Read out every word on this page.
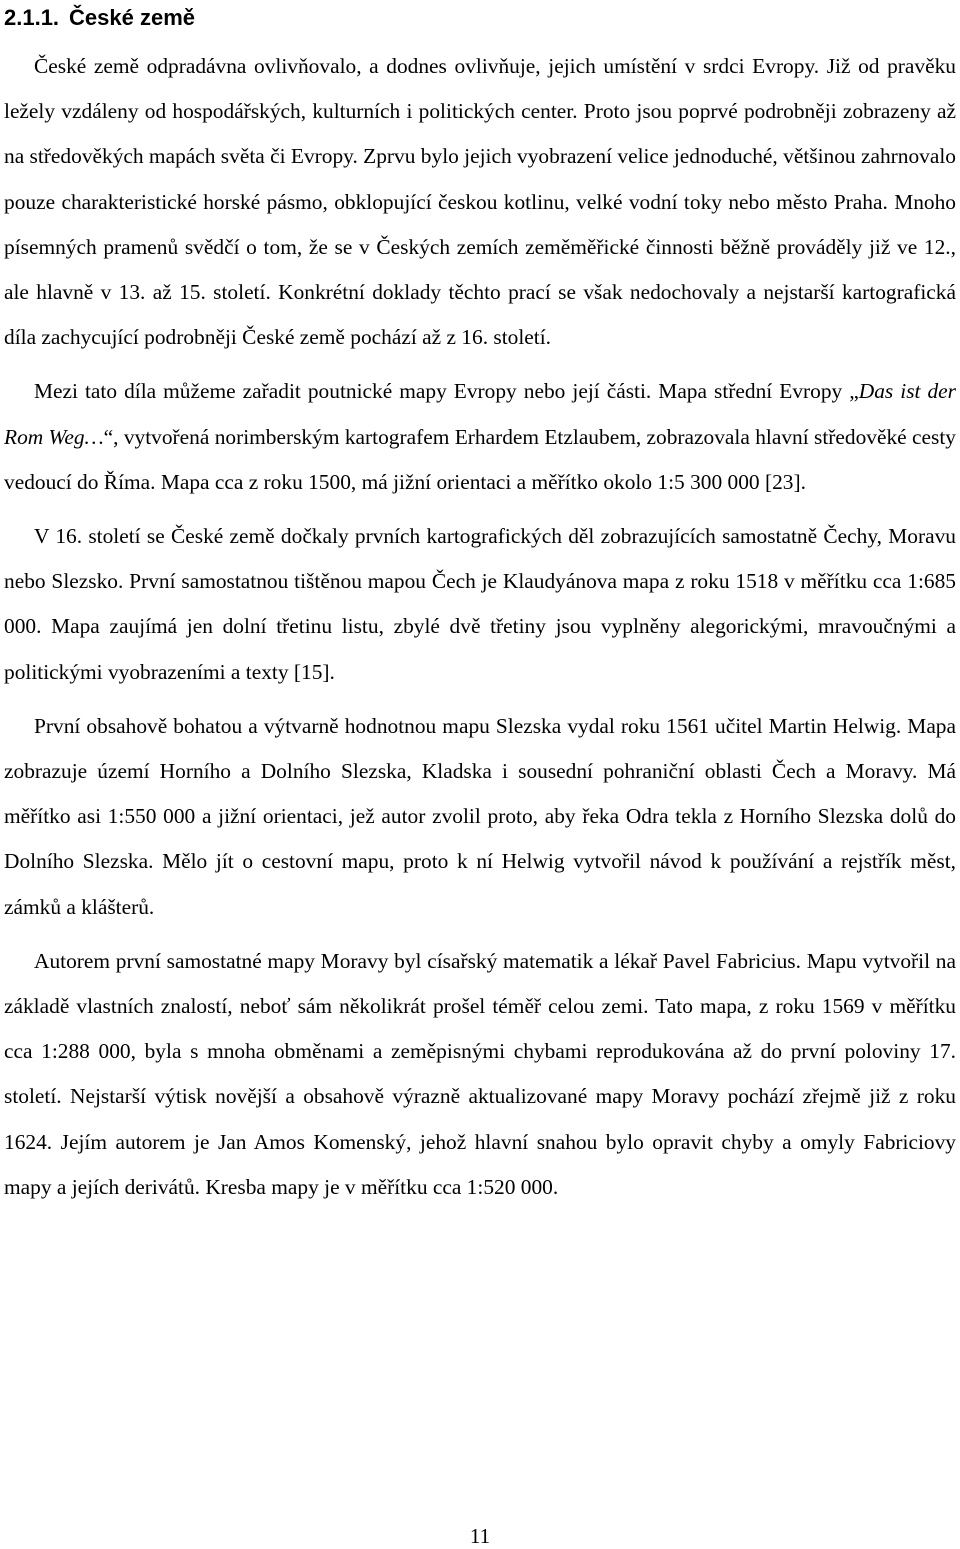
2.1.1. České země

České země odpradávna ovlivňovalo, a dodnes ovlivňuje, jejich umístění v srdci Evropy. Již od pravěku ležely vzdáleny od hospodářských, kulturních i politických center. Proto jsou poprvé podrobněji zobrazeny až na středověkých mapách světa či Evropy. Zprvu bylo jejich vyobrazení velice jednoduché, většinou zahrnovalo pouze charakteristické horské pásmo, obklopující českou kotlinu, velké vodní toky nebo město Praha. Mnoho písemných pramenů svědčí o tom, že se v Českých zemích zeměměřické činnosti běžně prováděly již ve 12., ale hlavně v 13. až 15. století. Konkrétní doklady těchto prací se však nedochovaly a nejstarší kartografická díla zachycující podrobněji České země pochází až z 16. století.

Mezi tato díla můžeme zařadit poutnické mapy Evropy nebo její části. Mapa střední Evropy „Das ist der Rom Weg…“, vytvořená norimberským kartografem Erhardem Etzlaubem, zobrazovala hlavní středověké cesty vedoucí do Říma. Mapa cca z roku 1500, má jižní orientaci a měřítko okolo 1:5 300 000 [23].

V 16. století se České země dočkaly prvních kartografických děl zobrazujících samostatně Čechy, Moravu nebo Slezsko. První samostatnou tištěnou mapou Čech je Klaudyánova mapa z roku 1518 v měřítku cca 1:685 000. Mapa zaujímá jen dolní třetinu listu, zbylé dvě třetiny jsou vyplněny alegorickými, mravoučnými a politickými vyobrazeními a texty [15].

První obsahově bohatou a výtvarně hodnotnou mapu Slezska vydal roku 1561 učitel Martin Helwig. Mapa zobrazuje území Horního a Dolního Slezska, Kladska i sousední pohraniční oblasti Čech a Moravy. Má měřítko asi 1:550 000 a jižní orientaci, jež autor zvolil proto, aby řeka Odra tekla z Horního Slezska dolů do Dolního Slezska. Mělo jít o cestovní mapu, proto k ní Helwig vytvořil návod k používání a rejstřík měst, zámků a klášterů.

Autorem první samostatné mapy Moravy byl císařský matematik a lékař Pavel Fabricius. Mapu vytvořil na základě vlastních znalostí, neboť sám několikrát prošel téměř celou zemi. Tato mapa, z roku 1569 v měřítku cca 1:288 000, byla s mnoha obměnami a zeměpisnými chybami reprodukována až do první poloviny 17. století. Nejstarší výtisk novější a obsahově výrazně aktualizované mapy Moravy pochází zřejmě již z roku 1624. Jejím autorem je Jan Amos Komenský, jehož hlavní snahou bylo opravit chyby a omyly Fabriciovy mapy a jejích derivátů. Kresba mapy je v měřítku cca 1:520 000.

11
